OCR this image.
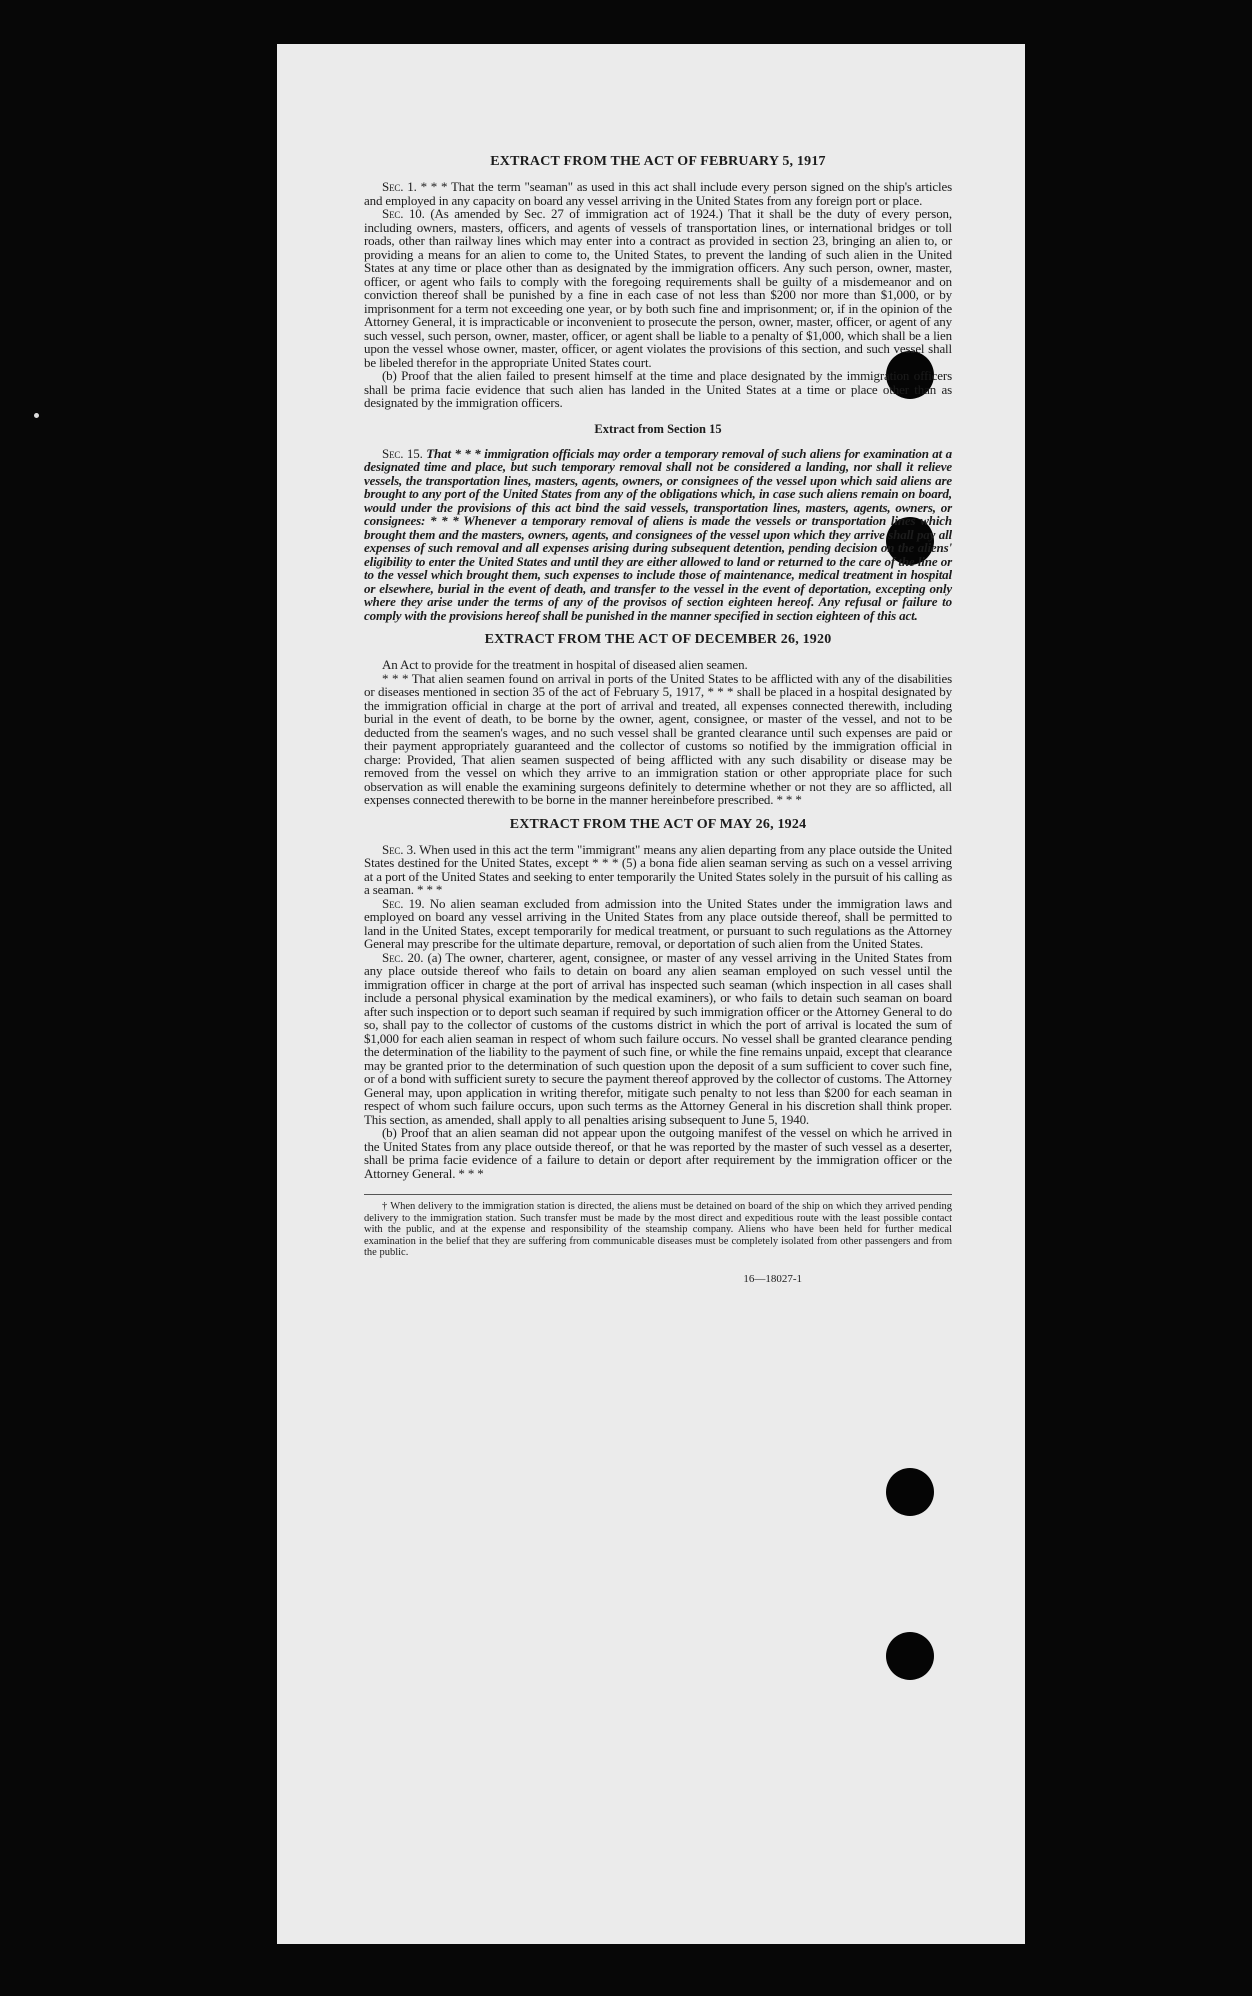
EXTRACT FROM THE ACT OF FEBRUARY 5, 1917

Sec. 1. * * * That the term "seaman" as used in this act shall include every person signed on the ship's articles and employed in any capacity on board any vessel arriving in the United States from any foreign port or place.

Sec. 10. (As amended by Sec. 27 of immigration act of 1924.) That it shall be the duty of every person, including owners, masters, officers, and agents of vessels of transportation lines, or international bridges or toll roads, other than railway lines which may enter into a contract as provided in section 23, bringing an alien to, or providing a means for an alien to come to, the United States, to prevent the landing of such alien in the United States at any time or place other than as designated by the immigration officers. Any such person, owner, master, officer, or agent who fails to comply with the foregoing requirements shall be guilty of a misdemeanor and on conviction thereof shall be punished by a fine in each case of not less than $200 nor more than $1,000, or by imprisonment for a term not exceeding one year, or by both such fine and imprisonment; or, if in the opinion of the Attorney General, it is impracticable or inconvenient to prosecute the person, owner, master, officer, or agent of any such vessel, such person, owner, master, officer, or agent shall be liable to a penalty of $1,000, which shall be a lien upon the vessel whose owner, master, officer, or agent violates the provisions of this section, and such vessel shall be libeled therefor in the appropriate United States court.

(b) Proof that the alien failed to present himself at the time and place designated by the immigration officers shall be prima facie evidence that such alien has landed in the United States at a time or place other than as designated by the immigration officers.

Extract from Section 15

Sec. 15. That * * * immigration officials may order a temporary removal of such aliens for examination at a designated time and place, but such temporary removal shall not be considered a landing, nor shall it relieve vessels, the transportation lines, masters, agents, owners, or consignees of the vessel upon which said aliens are brought to any port of the United States from any of the obligations which, in case such aliens remain on board, would under the provisions of this act bind the said vessels, transportation lines, masters, agents, owners, or consignees: * * * Whenever a temporary removal of aliens is made the vessels or transportation lines which brought them and the masters, owners, agents, and consignees of the vessel upon which they arrive shall pay all expenses of such removal and all expenses arising during subsequent detention, pending decision on the aliens' eligibility to enter the United States and until they are either allowed to land or returned to the care of the line or to the vessel which brought them, such expenses to include those of maintenance, medical treatment in hospital or elsewhere, burial in the event of death, and transfer to the vessel in the event of deportation, excepting only where they arise under the terms of any of the provisos of section eighteen hereof. Any refusal or failure to comply with the provisions hereof shall be punished in the manner specified in section eighteen of this act.

EXTRACT FROM THE ACT OF DECEMBER 26, 1920

An Act to provide for the treatment in hospital of diseased alien seamen.

* * * That alien seamen found on arrival in ports of the United States to be afflicted with any of the disabilities or diseases mentioned in section 35 of the act of February 5, 1917, * * * shall be placed in a hospital designated by the immigration official in charge at the port of arrival and treated, all expenses connected therewith, including burial in the event of death, to be borne by the owner, agent, consignee, or master of the vessel, and not to be deducted from the seamen's wages, and no such vessel shall be granted clearance until such expenses are paid or their payment appropriately guaranteed and the collector of customs so notified by the immigration official in charge: Provided, That alien seamen suspected of being afflicted with any such disability or disease may be removed from the vessel on which they arrive to an immigration station or other appropriate place for such observation as will enable the examining surgeons definitely to determine whether or not they are so afflicted, all expenses connected therewith to be borne in the manner hereinbefore prescribed. * * *

EXTRACT FROM THE ACT OF MAY 26, 1924

Sec. 3. When used in this act the term "immigrant" means any alien departing from any place outside the United States destined for the United States, except * * * (5) a bona fide alien seaman serving as such on a vessel arriving at a port of the United States and seeking to enter temporarily the United States solely in the pursuit of his calling as a seaman. * * *

Sec. 19. No alien seaman excluded from admission into the United States under the immigration laws and employed on board any vessel arriving in the United States from any place outside thereof, shall be permitted to land in the United States, except temporarily for medical treatment, or pursuant to such regulations as the Attorney General may prescribe for the ultimate departure, removal, or deportation of such alien from the United States.

Sec. 20. (a) The owner, charterer, agent, consignee, or master of any vessel arriving in the United States from any place outside thereof who fails to detain on board any alien seaman employed on such vessel until the immigration officer in charge at the port of arrival has inspected such seaman (which inspection in all cases shall include a personal physical examination by the medical examiners), or who fails to detain such seaman on board after such inspection or to deport such seaman if required by such immigration officer or the Attorney General to do so, shall pay to the collector of customs of the customs district in which the port of arrival is located the sum of $1,000 for each alien seaman in respect of whom such failure occurs. No vessel shall be granted clearance pending the determination of the liability to the payment of such fine, or while the fine remains unpaid, except that clearance may be granted prior to the determination of such question upon the deposit of a sum sufficient to cover such fine, or of a bond with sufficient surety to secure the payment thereof approved by the collector of customs. The Attorney General may, upon application in writing therefor, mitigate such penalty to not less than $200 for each seaman in respect of whom such failure occurs, upon such terms as the Attorney General in his discretion shall think proper. This section, as amended, shall apply to all penalties arising subsequent to June 5, 1940.

(b) Proof that an alien seaman did not appear upon the outgoing manifest of the vessel on which he arrived in the United States from any place outside thereof, or that he was reported by the master of such vessel as a deserter, shall be prima facie evidence of a failure to detain or deport after requirement by the immigration officer or the Attorney General. * * *

† When delivery to the immigration station is directed, the aliens must be detained on board of the ship on which they arrived pending delivery to the immigration station. Such transfer must be made by the most direct and expeditious route with the least possible contact with the public, and at the expense and responsibility of the steamship company. Aliens who have been held for further medical examination in the belief that they are suffering from communicable diseases must be completely isolated from other passengers and from the public.
16—18027-1
